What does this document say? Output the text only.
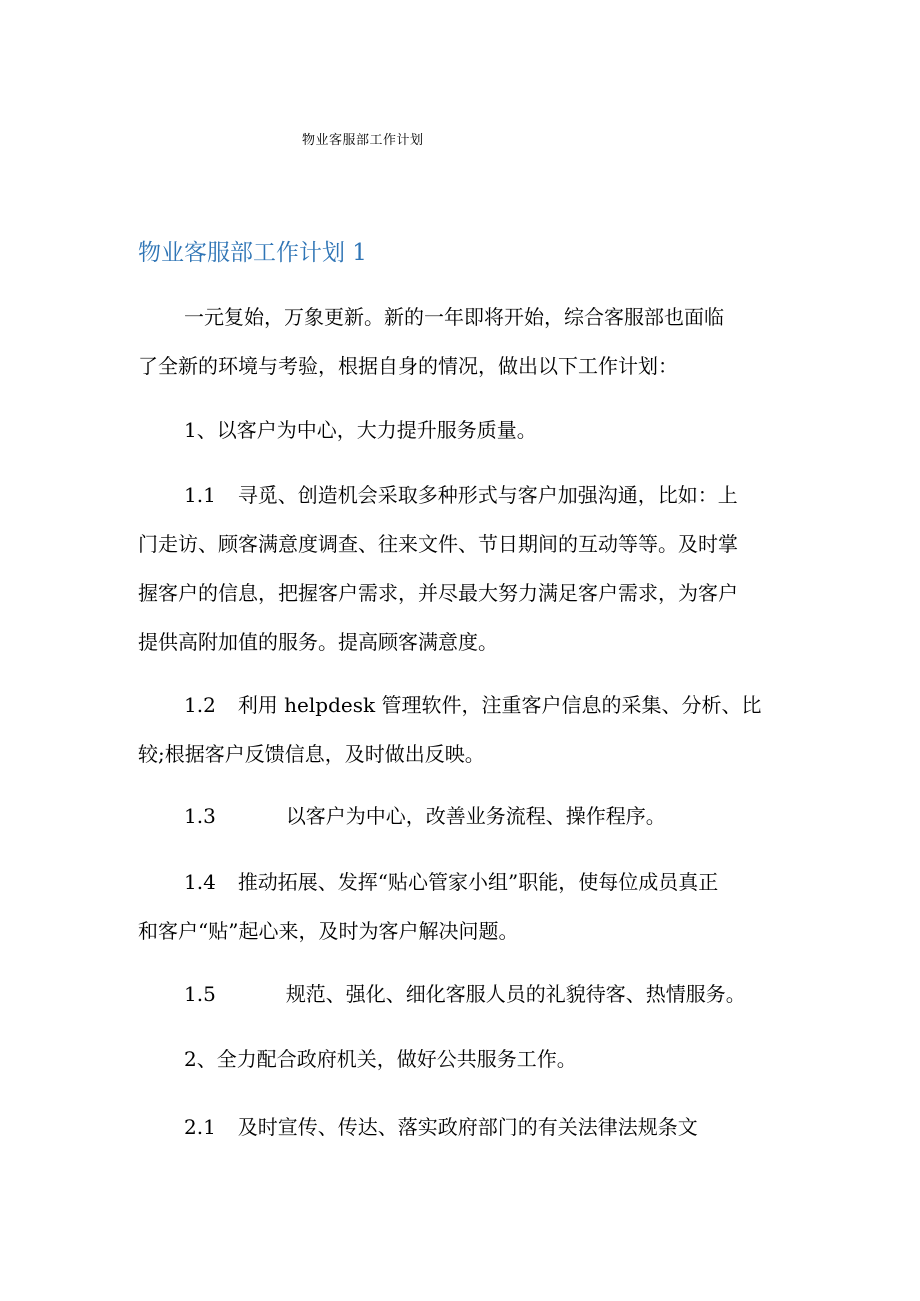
物业客服部工作计划
物业客服部工作计划 1

一元复始，万象更新。新的一年即将开始，综合客服部也面临
了全新的环境与考验，根据自身的情况，做出以下工作计划：

1、以客户为中心，大力提升服务质量。

1.1 寻觅、创造机会采取多种形式与客户加强沟通，比如：上
门走访、顾客满意度调查、往来文件、节日期间的互动等等。及时掌
握客户的信息，把握客户需求，并尽最大努力满足客户需求，为客户
提供高附加值的服务。提高顾客满意度。

1.2 利用 helpdesk 管理软件，注重客户信息的采集、分析、比
较;根据客户反馈信息，及时做出反映。

1.3	以客户为中心，改善业务流程、操作程序。

1.4 推动拓展、发挥“贴心管家小组”职能，使每位成员真正
和客户“贴”起心来，及时为客户解决问题。

1.5	规范、强化、细化客服人员的礼貌待客、热情服务。

2、全力配合政府机关，做好公共服务工作。

2.1 及时宣传、传达、落实政府部门的有关法律法规条文
